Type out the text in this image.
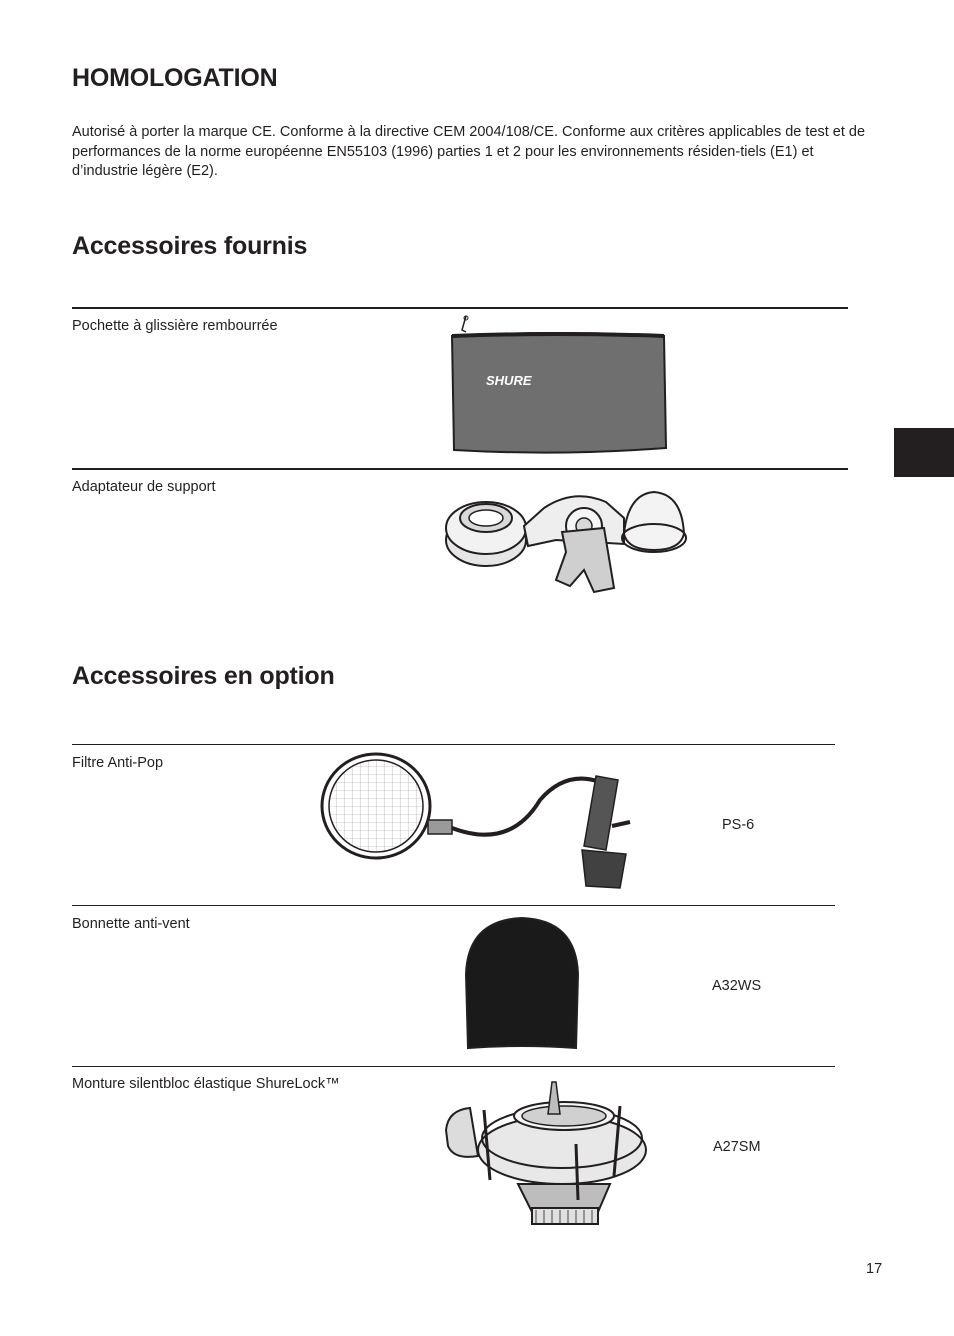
HOMOLOGATION

Autorisé à porter la marque CE. Conforme à la directive CEM 2004/108/CE. Conforme aux critères applicables de test et de performances de la norme européenne EN55103 (1996) parties 1 et 2 pour les environnements résiden-tiels (E1) et d’industrie légère (E2).

Accessoires fournis

Pochette à glissière rembourrée

SHURE

Adaptateur de support

Accessoires en option

Filtre Anti-Pop

PS-6

Bonnette anti-vent

A32WS

Monture silentbloc élastique ShureLock™

A27SM
17
